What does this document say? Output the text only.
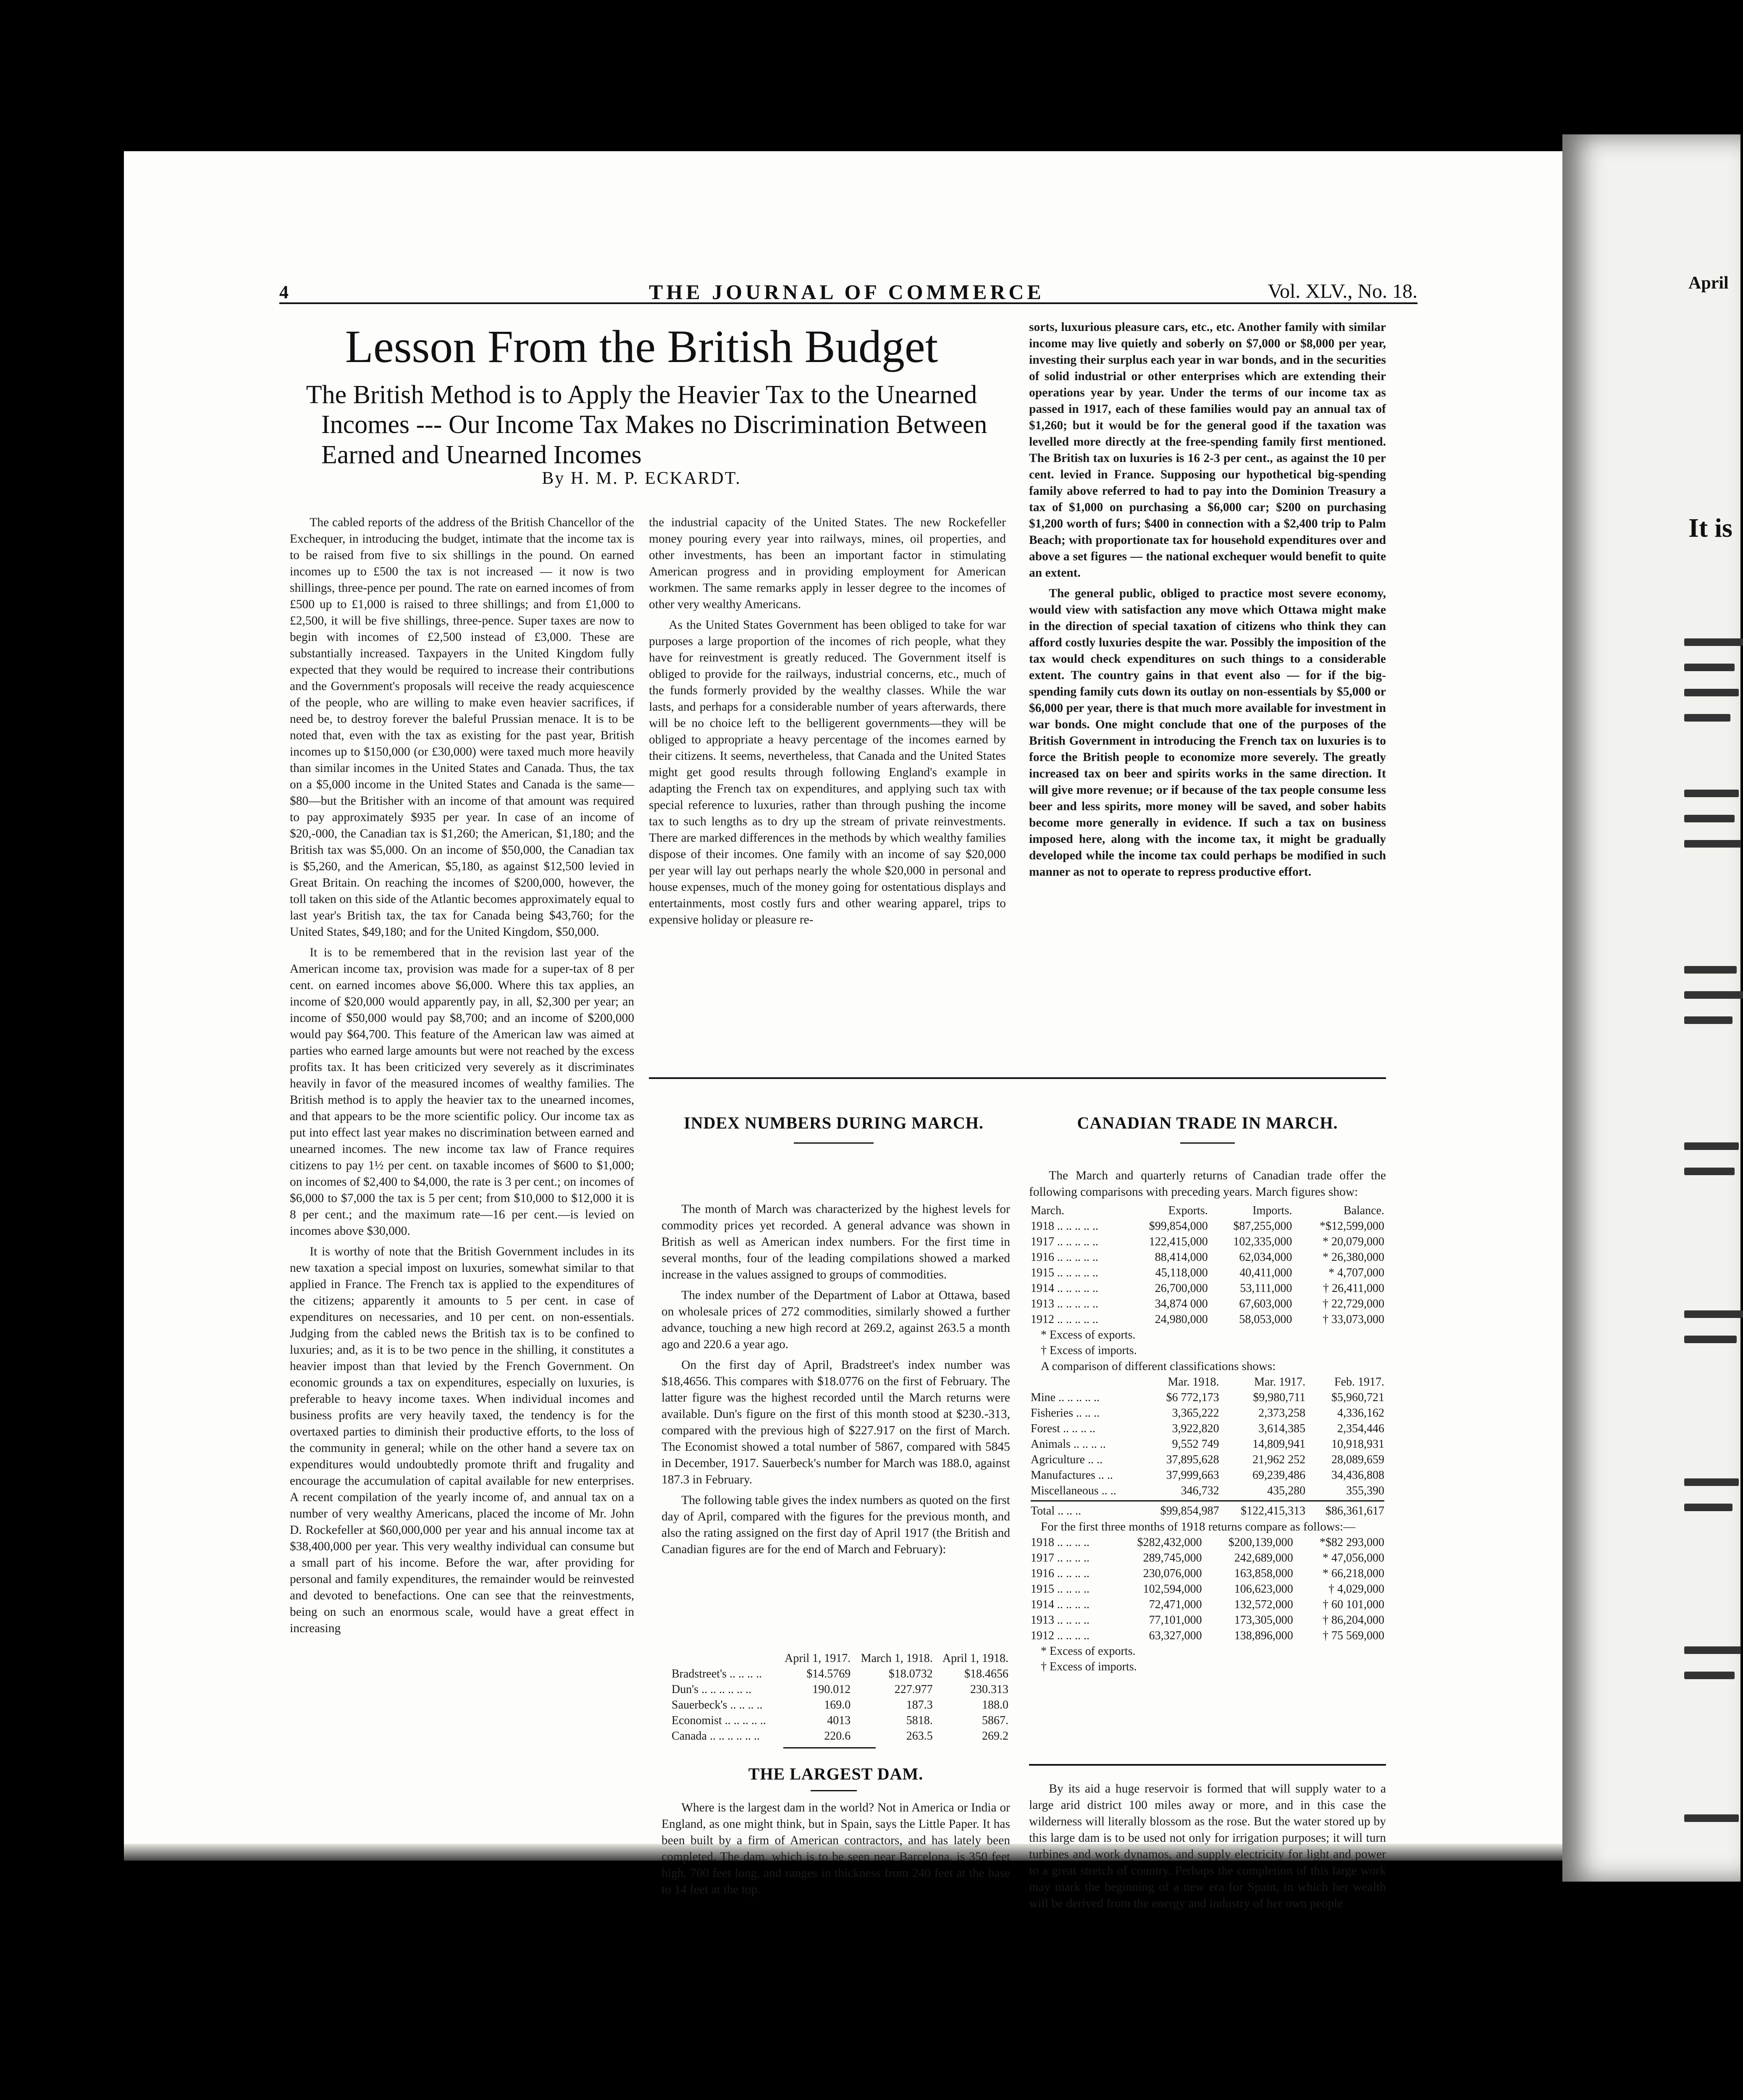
April
It is
4	THE JOURNAL OF COMMERCE	Vol. XLV., No. 18.
Lesson From the British Budget
The British Method is to Apply the Heavier Tax to the Unearned
Incomes --- Our Income Tax Makes no Discrimination Between
Earned and Unearned Incomes
By H. M. P. ECKARDT.

The cabled reports of the address of the British Chancellor of the Exchequer, in introducing the budget, intimate that the income tax is to be raised from five to six shillings in the pound. On earned incomes up to £500 the tax is not increased — it now is two shillings, three-pence per pound. The rate on earned incomes of from £500 up to £1,000 is raised to three shillings; and from £1,000 to £2,500, it will be five shillings, three-pence. Super taxes are now to begin with incomes of £2,500 instead of £3,000. These are substantially increased. Taxpayers in the United Kingdom fully expected that they would be required to increase their contributions and the Government's proposals will receive the ready acquiescence of the people, who are willing to make even heavier sacrifices, if need be, to destroy forever the baleful Prussian menace. It is to be noted that, even with the tax as existing for the past year, British incomes up to $150,000 (or £30,000) were taxed much more heavily than similar incomes in the United States and Canada. Thus, the tax on a $5,000 income in the United States and Canada is the same—$80—but the Britisher with an income of that amount was required to pay approximately $935 per year. In case of an income of $20,-000, the Canadian tax is $1,260; the American, $1,180; and the British tax was $5,000. On an income of $50,000, the Canadian tax is $5,260, and the American, $5,180, as against $12,500 levied in Great Britain. On reaching the incomes of $200,000, however, the toll taken on this side of the Atlantic becomes approximately equal to last year's British tax, the tax for Canada being $43,760; for the United States, $49,180; and for the United Kingdom, $50,000.

It is to be remembered that in the revision last year of the American income tax, provision was made for a super-tax of 8 per cent. on earned incomes above $6,000. Where this tax applies, an income of $20,000 would apparently pay, in all, $2,300 per year; an income of $50,000 would pay $8,700; and an income of $200,000 would pay $64,700. This feature of the American law was aimed at parties who earned large amounts but were not reached by the excess profits tax. It has been criticized very severely as it discriminates heavily in favor of the measured incomes of wealthy families. The British method is to apply the heavier tax to the unearned incomes, and that appears to be the more scientific policy. Our income tax as put into effect last year makes no discrimination between earned and unearned incomes. The new income tax law of France requires citizens to pay 1½ per cent. on taxable incomes of $600 to $1,000; on incomes of $2,400 to $4,000, the rate is 3 per cent.; on incomes of $6,000 to $7,000 the tax is 5 per cent; from $10,000 to $12,000 it is 8 per cent.; and the maximum rate—16 per cent.—is levied on incomes above $30,000.

It is worthy of note that the British Government includes in its new taxation a special impost on luxuries, somewhat similar to that applied in France. The French tax is applied to the expenditures of the citizens; apparently it amounts to 5 per cent. in case of expenditures on necessaries, and 10 per cent. on non-essentials. Judging from the cabled news the British tax is to be confined to luxuries; and, as it is to be two pence in the shilling, it constitutes a heavier impost than that levied by the French Government. On economic grounds a tax on expenditures, especially on luxuries, is preferable to heavy income taxes. When individual incomes and business profits are very heavily taxed, the tendency is for the overtaxed parties to diminish their productive efforts, to the loss of the community in general; while on the other hand a severe tax on expenditures would undoubtedly promote thrift and frugality and encourage the accumulation of capital available for new enterprises. A recent compilation of the yearly income of, and annual tax on a number of very wealthy Americans, placed the income of Mr. John D. Rockefeller at $60,000,000 per year and his annual income tax at $38,400,000 per year. This very wealthy individual can consume but a small part of his income. Before the war, after providing for personal and family expenditures, the remainder would be reinvested and devoted to benefactions. One can see that the reinvestments, being on such an enormous scale, would have a great effect in increasing

the industrial capacity of the United States. The new Rockefeller money pouring every year into railways, mines, oil properties, and other investments, has been an important factor in stimulating American progress and in providing employment for American workmen. The same remarks apply in lesser degree to the incomes of other very wealthy Americans.

As the United States Government has been obliged to take for war purposes a large proportion of the incomes of rich people, what they have for reinvestment is greatly reduced. The Government itself is obliged to provide for the railways, industrial concerns, etc., much of the funds formerly provided by the wealthy classes. While the war lasts, and perhaps for a considerable number of years afterwards, there will be no choice left to the belligerent governments—they will be obliged to appropriate a heavy percentage of the incomes earned by their citizens. It seems, nevertheless, that Canada and the United States might get good results through following England's example in adapting the French tax on expenditures, and applying such tax with special reference to luxuries, rather than through pushing the income tax to such lengths as to dry up the stream of private reinvestments. There are marked differences in the methods by which wealthy families dispose of their incomes. One family with an income of say $20,000 per year will lay out perhaps nearly the whole $20,000 in personal and house expenses, much of the money going for ostentatious displays and entertainments, most costly furs and other wearing apparel, trips to expensive holiday or pleasure re-

sorts, luxurious pleasure cars, etc., etc. Another family with similar income may live quietly and soberly on $7,000 or $8,000 per year, investing their surplus each year in war bonds, and in the securities of solid industrial or other enterprises which are extending their operations year by year. Under the terms of our income tax as passed in 1917, each of these families would pay an annual tax of $1,260; but it would be for the general good if the taxation was levelled more directly at the free-spending family first mentioned. The British tax on luxuries is 16 2-3 per cent., as against the 10 per cent. levied in France. Supposing our hypothetical big-spending family above referred to had to pay into the Dominion Treasury a tax of $1,000 on purchasing a $6,000 car; $200 on purchasing $1,200 worth of furs; $400 in connection with a $2,400 trip to Palm Beach; with proportionate tax for household expenditures over and above a set figures — the national exchequer would benefit to quite an extent.

The general public, obliged to practice most severe economy, would view with satisfaction any move which Ottawa might make in the direction of special taxation of citizens who think they can afford costly luxuries despite the war. Possibly the imposition of the tax would check expenditures on such things to a considerable extent. The country gains in that event also — for if the big-spending family cuts down its outlay on non-essentials by $5,000 or $6,000 per year, there is that much more available for investment in war bonds. One might conclude that one of the purposes of the British Government in introducing the French tax on luxuries is to force the British people to economize more severely. The greatly increased tax on beer and spirits works in the same direction. It will give more revenue; or if because of the tax people consume less beer and less spirits, more money will be saved, and sober habits become more generally in evidence. If such a tax on business imposed here, along with the income tax, it might be gradually developed while the income tax could perhaps be modified in such manner as not to operate to repress productive effort.

INDEX NUMBERS DURING MARCH.

The month of March was characterized by the highest levels for commodity prices yet recorded. A general advance was shown in British as well as American index numbers. For the first time in several months, four of the leading compilations showed a marked increase in the values assigned to groups of commodities.

The index number of the Department of Labor at Ottawa, based on wholesale prices of 272 commodities, similarly showed a further advance, touching a new high record at 269.2, against 263.5 a month ago and 220.6 a year ago.

On the first day of April, Bradstreet's index number was $18,4656. This compares with $18.0776 on the first of February. The latter figure was the highest recorded until the March returns were available. Dun's figure on the first of this month stood at $230.-313, compared with the previous high of $227.917 on the first of March. The Economist showed a total number of 5867, compared with 5845 in December, 1917. Sauerbeck's number for March was 188.0, against 187.3 in February.

The following table gives the index numbers as quoted on the first day of April, compared with the figures for the previous month, and also the rating assigned on the first day of April 1917 (the British and Canadian figures are for the end of March and February):

	April 1, 1917.	March 1, 1918.	April 1, 1918.
Bradstreet's .. .. .. ..	$14.5769	$18.0732	$18.4656
Dun's .. .. .. .. .. ..	190.012	227.977	230.313
Sauerbeck's .. .. .. ..	169.0	187.3	188.0
Economist .. .. .. .. ..	4013	5818.	5867.
Canada .. .. .. .. .. ..	220.6	263.5	269.2
THE LARGEST DAM.

Where is the largest dam in the world? Not in America or India or England, as one might think, but in Spain, says the Little Paper. It has been built by a firm of American contractors, and has lately been completed. The dam, which is to be seen near Barcelona, is 350 feet high, 700 feet long, and ranges in thickness from 240 feet at the base to 14 feet at the top.

By its aid a huge reservoir is formed that will supply water to a large arid district 100 miles away or more, and in this case the wilderness will literally blossom as the rose. But the water stored up by this large dam is to be used not only for irrigation purposes; it will turn turbines and work dynamos, and supply electricity for light and power to a great stretch of country. Perhaps the completion of this large work may mark the beginning of a new era for Spain, in which her wealth will be derived from the energy and industry of her own people

CANADIAN TRADE IN MARCH.
The March and quarterly returns of Canadian trade offer the following comparisons with preceding years. March figures show:
March.	Exports.	Imports.	Balance.
1918 .. .. .. .. ..	$99,854,000	$87,255,000	*$12,599,000
1917 .. .. .. .. ..	122,415,000	102,335,000	* 20,079,000
1916 .. .. .. .. ..	88,414,000	62,034,000	* 26,380,000
1915 .. .. .. .. ..	45,118,000	40,411,000	* 4,707,000
1914 .. .. .. .. ..	26,700,000	53,111,000	† 26,411,000
1913 .. .. .. .. ..	34,874 000	67,603,000	† 22,729,000
1912 .. .. .. .. ..	24,980,000	58,053,000	† 33,073,000
* Excess of exports.
† Excess of imports.
A comparison of different classifications shows:
	Mar. 1918.	Mar. 1917.	Feb. 1917.
Mine .. .. .. .. ..	$6 772,173	$9,980,711	$5,960,721
Fisheries .. .. ..	3,365,222	2,373,258	4,336,162
Forest .. .. .. ..	3,922,820	3,614,385	2,354,446
Animals .. .. .. ..	9,552 749	14,809,941	10,918,931
Agriculture .. ..	37,895,628	21,962 252	28,089,659
Manufactures .. ..	37,999,663	69,239,486	34,436,808
Miscellaneous .. ..	346,732	435,280	355,390

Total .. .. ..	$99,854,987	$122,415,313	$86,361,617
For the first three months of 1918 returns compare as follows:—
1918 .. .. .. ..	$282,432,000	$200,139,000	*$82 293,000
1917 .. .. .. ..	289,745,000	242,689,000	* 47,056,000
1916 .. .. .. ..	230,076,000	163,858,000	* 66,218,000
1915 .. .. .. ..	102,594,000	106,623,000	† 4,029,000
1914 .. .. .. ..	72,471,000	132,572,000	† 60 101,000
1913 .. .. .. ..	77,101,000	173,305,000	† 86,204,000
1912 .. .. .. ..	63,327,000	138,896,000	† 75 569,000
* Excess of exports.
† Excess of imports.
